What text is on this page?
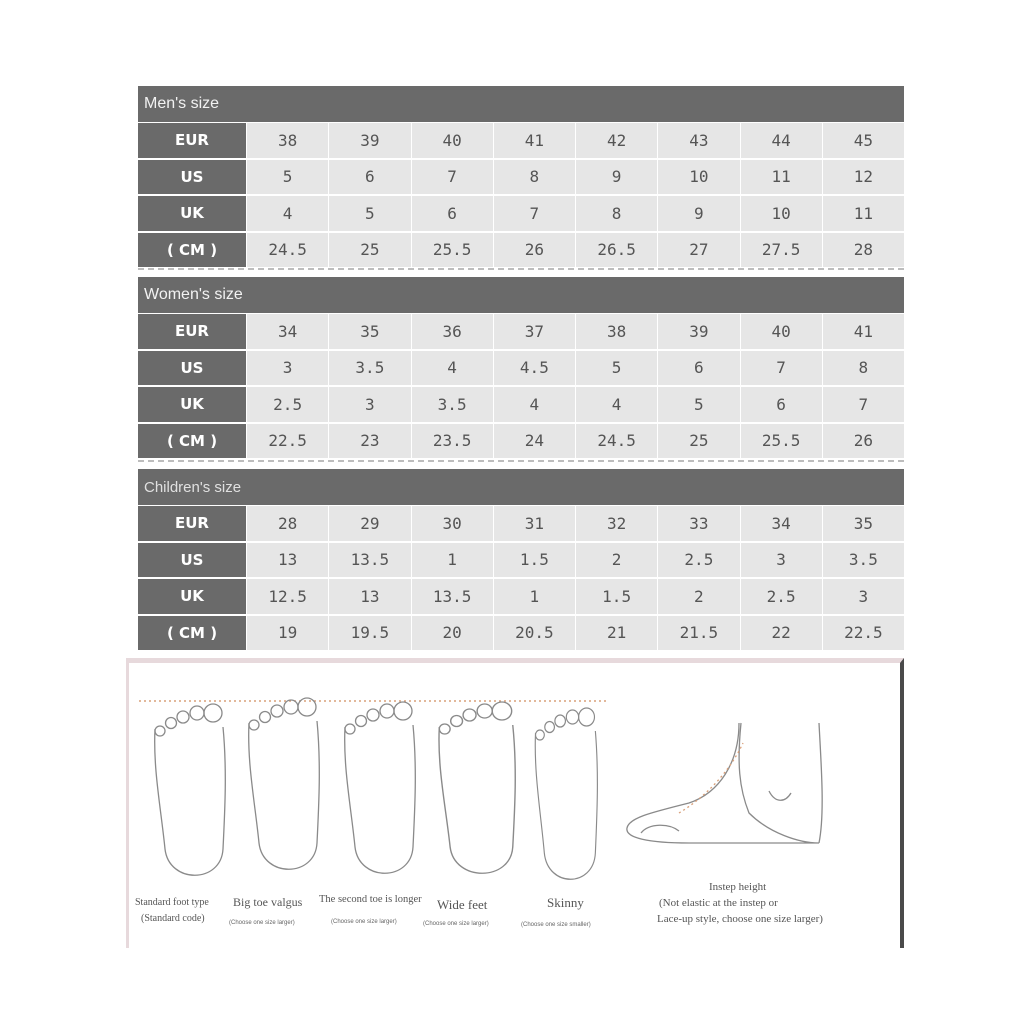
Men's size
EUR	38	39	40	41	42	43	44	45
US	5	6	7	8	9	10	11	12
UK	4	5	6	7	8	9	10	11
( CM )	24.5	25	25.5	26	26.5	27	27.5	28
Women's size
EUR	34	35	36	37	38	39	40	41
US	3	3.5	4	4.5	5	6	7	8
UK	2.5	3	3.5	4	4	5	6	7
( CM )	22.5	23	23.5	24	24.5	25	25.5	26
Children's size
EUR	28	29	30	31	32	33	34	35
US	13	13.5	1	1.5	2	2.5	3	3.5
UK	12.5	13	13.5	1	1.5	2	2.5	3
( CM )	19	19.5	20	20.5	21	21.5	22	22.5
Standard foot type
(Standard code)
Big toe valgus
(Choose one size larger)
The second toe is longer
(Choose one size larger)
Wide feet
(Choose one size larger)
Skinny
(Choose one size smaller)
Instep height
(Not elastic at the instep or
Lace-up style, choose one size larger)
